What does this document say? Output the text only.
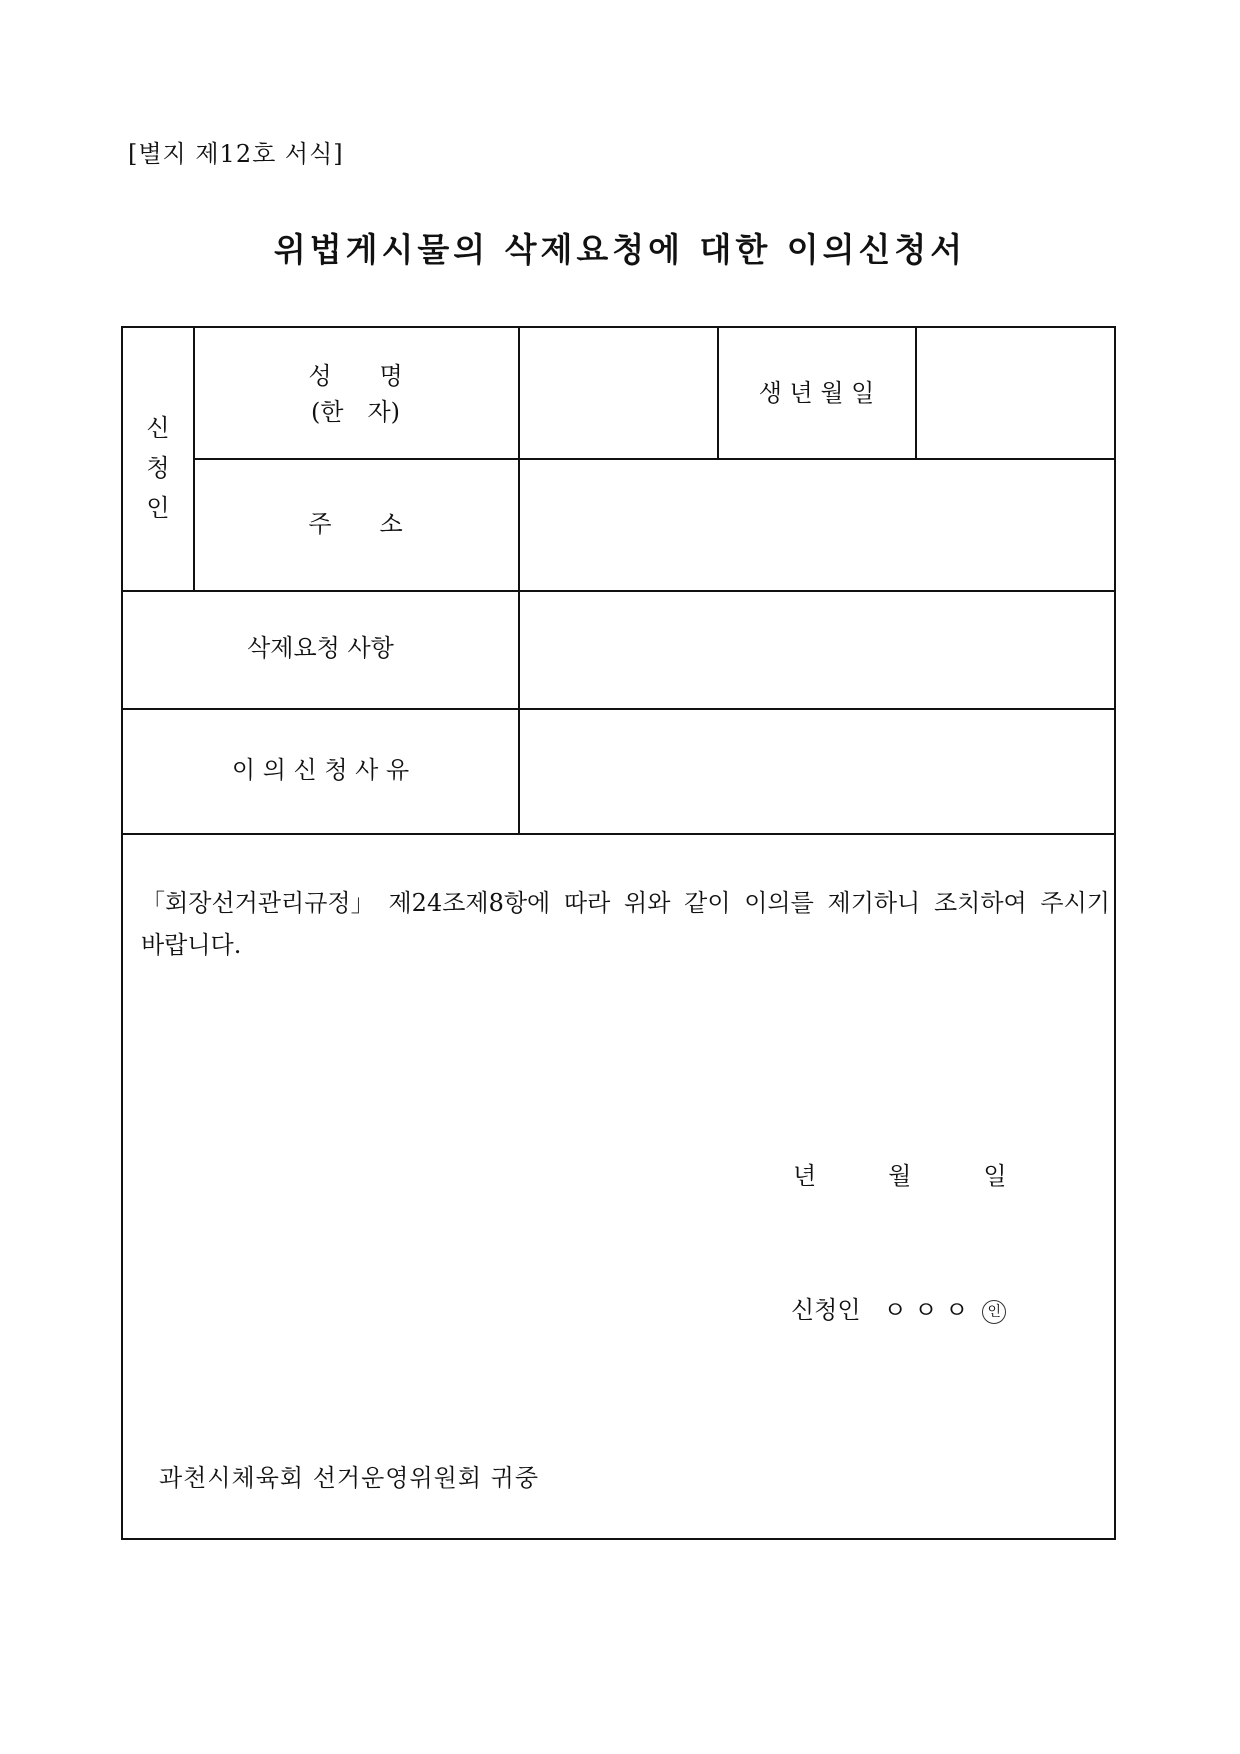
[별지 제12호 서식]
위법게시물의 삭제요청에 대한 이의신청서
신
청
인
성　　명
(한　자)
생 년 월 일
주　　소
삭제요청 사항
이 의 신 청 사 유
「회장선거관리규정」 제24조제8항에 따라 위와 같이 이의를 제기하니 조치하여 주시기 바랍니다.
년　　　월　　　일
신청인 ㅇ ㅇ ㅇ 인
과천시체육회 선거운영위원회 귀중
